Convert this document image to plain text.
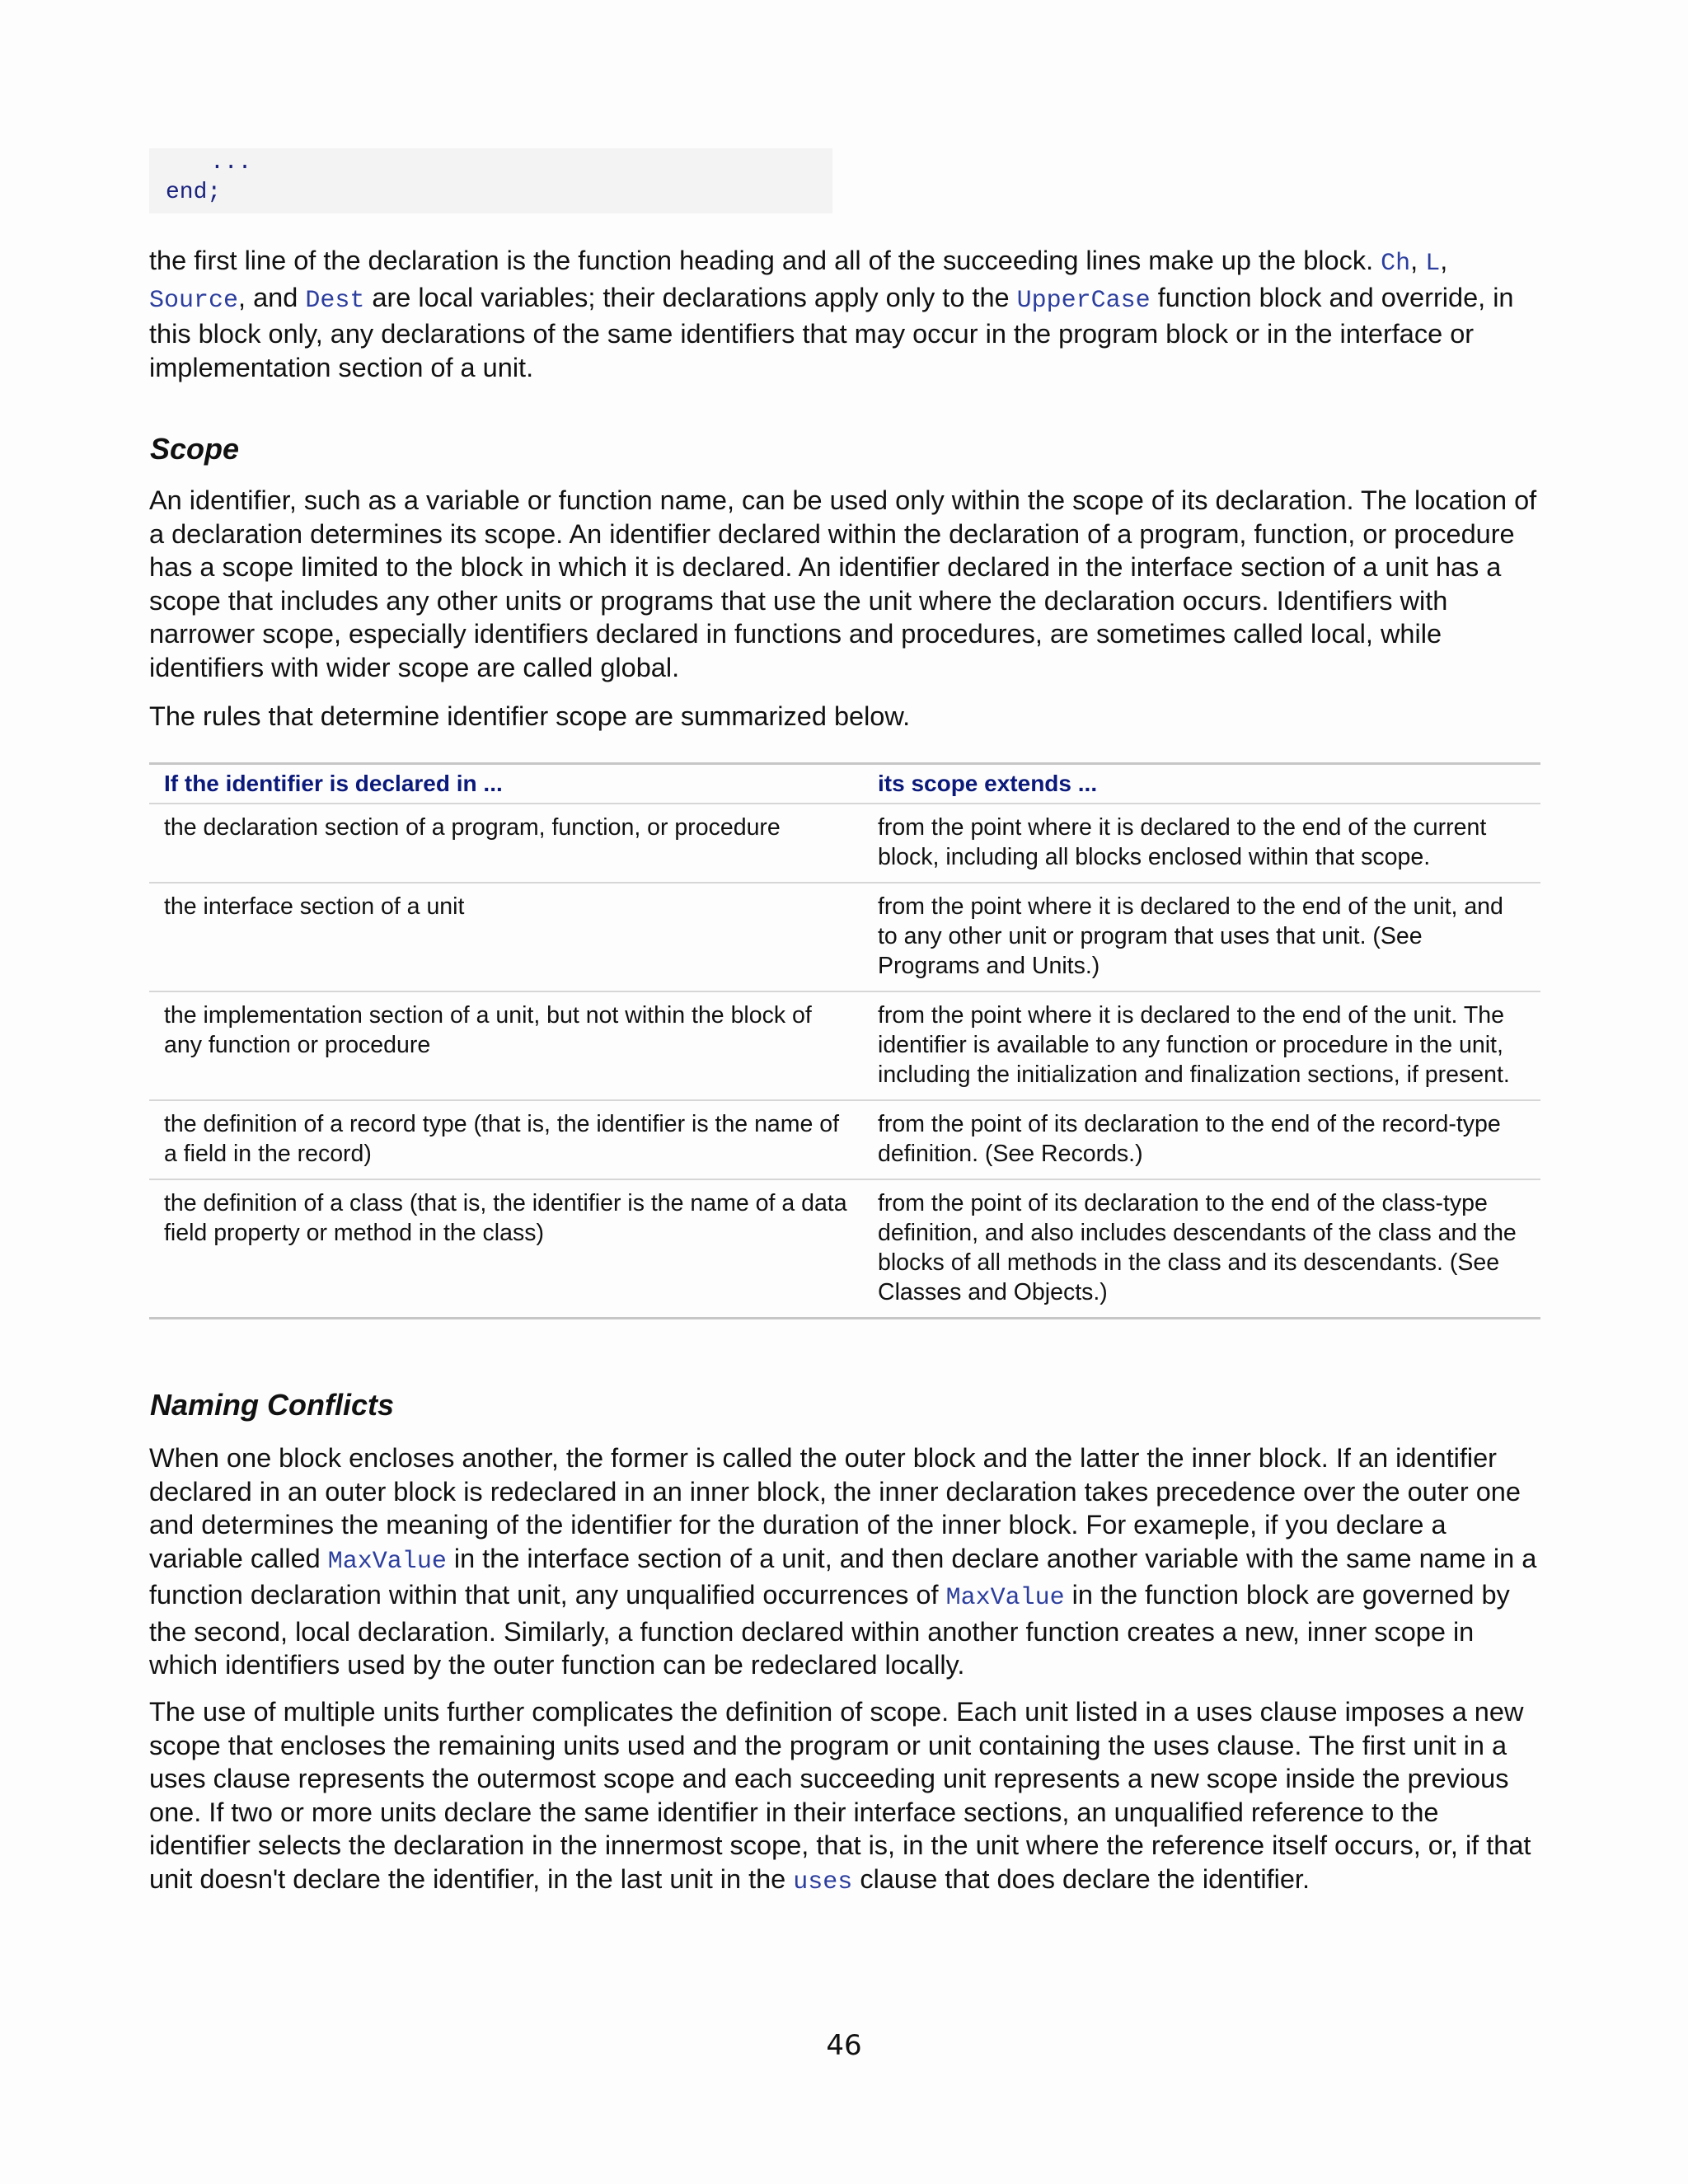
...
end;

the first line of the declaration is the function heading and all of the succeeding lines make up the block. Ch, L, Source, and Dest are local variables; their declarations apply only to the UpperCase function block and override, in this block only, any declarations of the same identifiers that may occur in the program block or in the interface or implementation section of a unit.

Scope

An identifier, such as a variable or function name, can be used only within the scope of its declaration. The location of a declaration determines its scope. An identifier declared within the declaration of a program, function, or procedure has a scope limited to the block in which it is declared. An identifier declared in the interface section of a unit has a scope that includes any other units or programs that use the unit where the declaration occurs. Identifiers with narrower scope, especially identifiers declared in functions and procedures, are sometimes called local, while identifiers with wider scope are called global.

The rules that determine identifier scope are summarized below.

If the identifier is declared in ...	its scope extends ...
the declaration section of a program, function, or procedure	from the point where it is declared to the end of the current block, including all blocks enclosed within that scope.
the interface section of a unit	from the point where it is declared to the end of the unit, and to any other unit or program that uses that unit. (See Programs and Units.)
the implementation section of a unit, but not within the block of any function or procedure	from the point where it is declared to the end of the unit. The identifier is available to any function or procedure in the unit, including the initialization and finalization sections, if present.
the definition of a record type (that is, the identifier is the name of a field in the record)	from the point of its declaration to the end of the record-type definition. (See Records.)
the definition of a class (that is, the identifier is the name of a data field property or method in the class)	from the point of its declaration to the end of the class-type definition, and also includes descendants of the class and the blocks of all methods in the class and its descendants. (See Classes and Objects.)
Naming Conflicts

When one block encloses another, the former is called the outer block and the latter the inner block. If an identifier declared in an outer block is redeclared in an inner block, the inner declaration takes precedence over the outer one and determines the meaning of the identifier for the duration of the inner block. For exameple, if you declare a variable called MaxValue in the interface section of a unit, and then declare another variable with the same name in a function declaration within that unit, any unqualified occurrences of MaxValue in the function block are governed by the second, local declaration. Similarly, a function declared within another function creates a new, inner scope in which identifiers used by the outer function can be redeclared locally.

The use of multiple units further complicates the definition of scope. Each unit listed in a uses clause imposes a new scope that encloses the remaining units used and the program or unit containing the uses clause. The first unit in a uses clause represents the outermost scope and each succeeding unit represents a new scope inside the previous one. If two or more units declare the same identifier in their interface sections, an unqualified reference to the identifier selects the declaration in the innermost scope, that is, in the unit where the reference itself occurs, or, if that unit doesn't declare the identifier, in the last unit in the uses clause that does declare the identifier.

46
